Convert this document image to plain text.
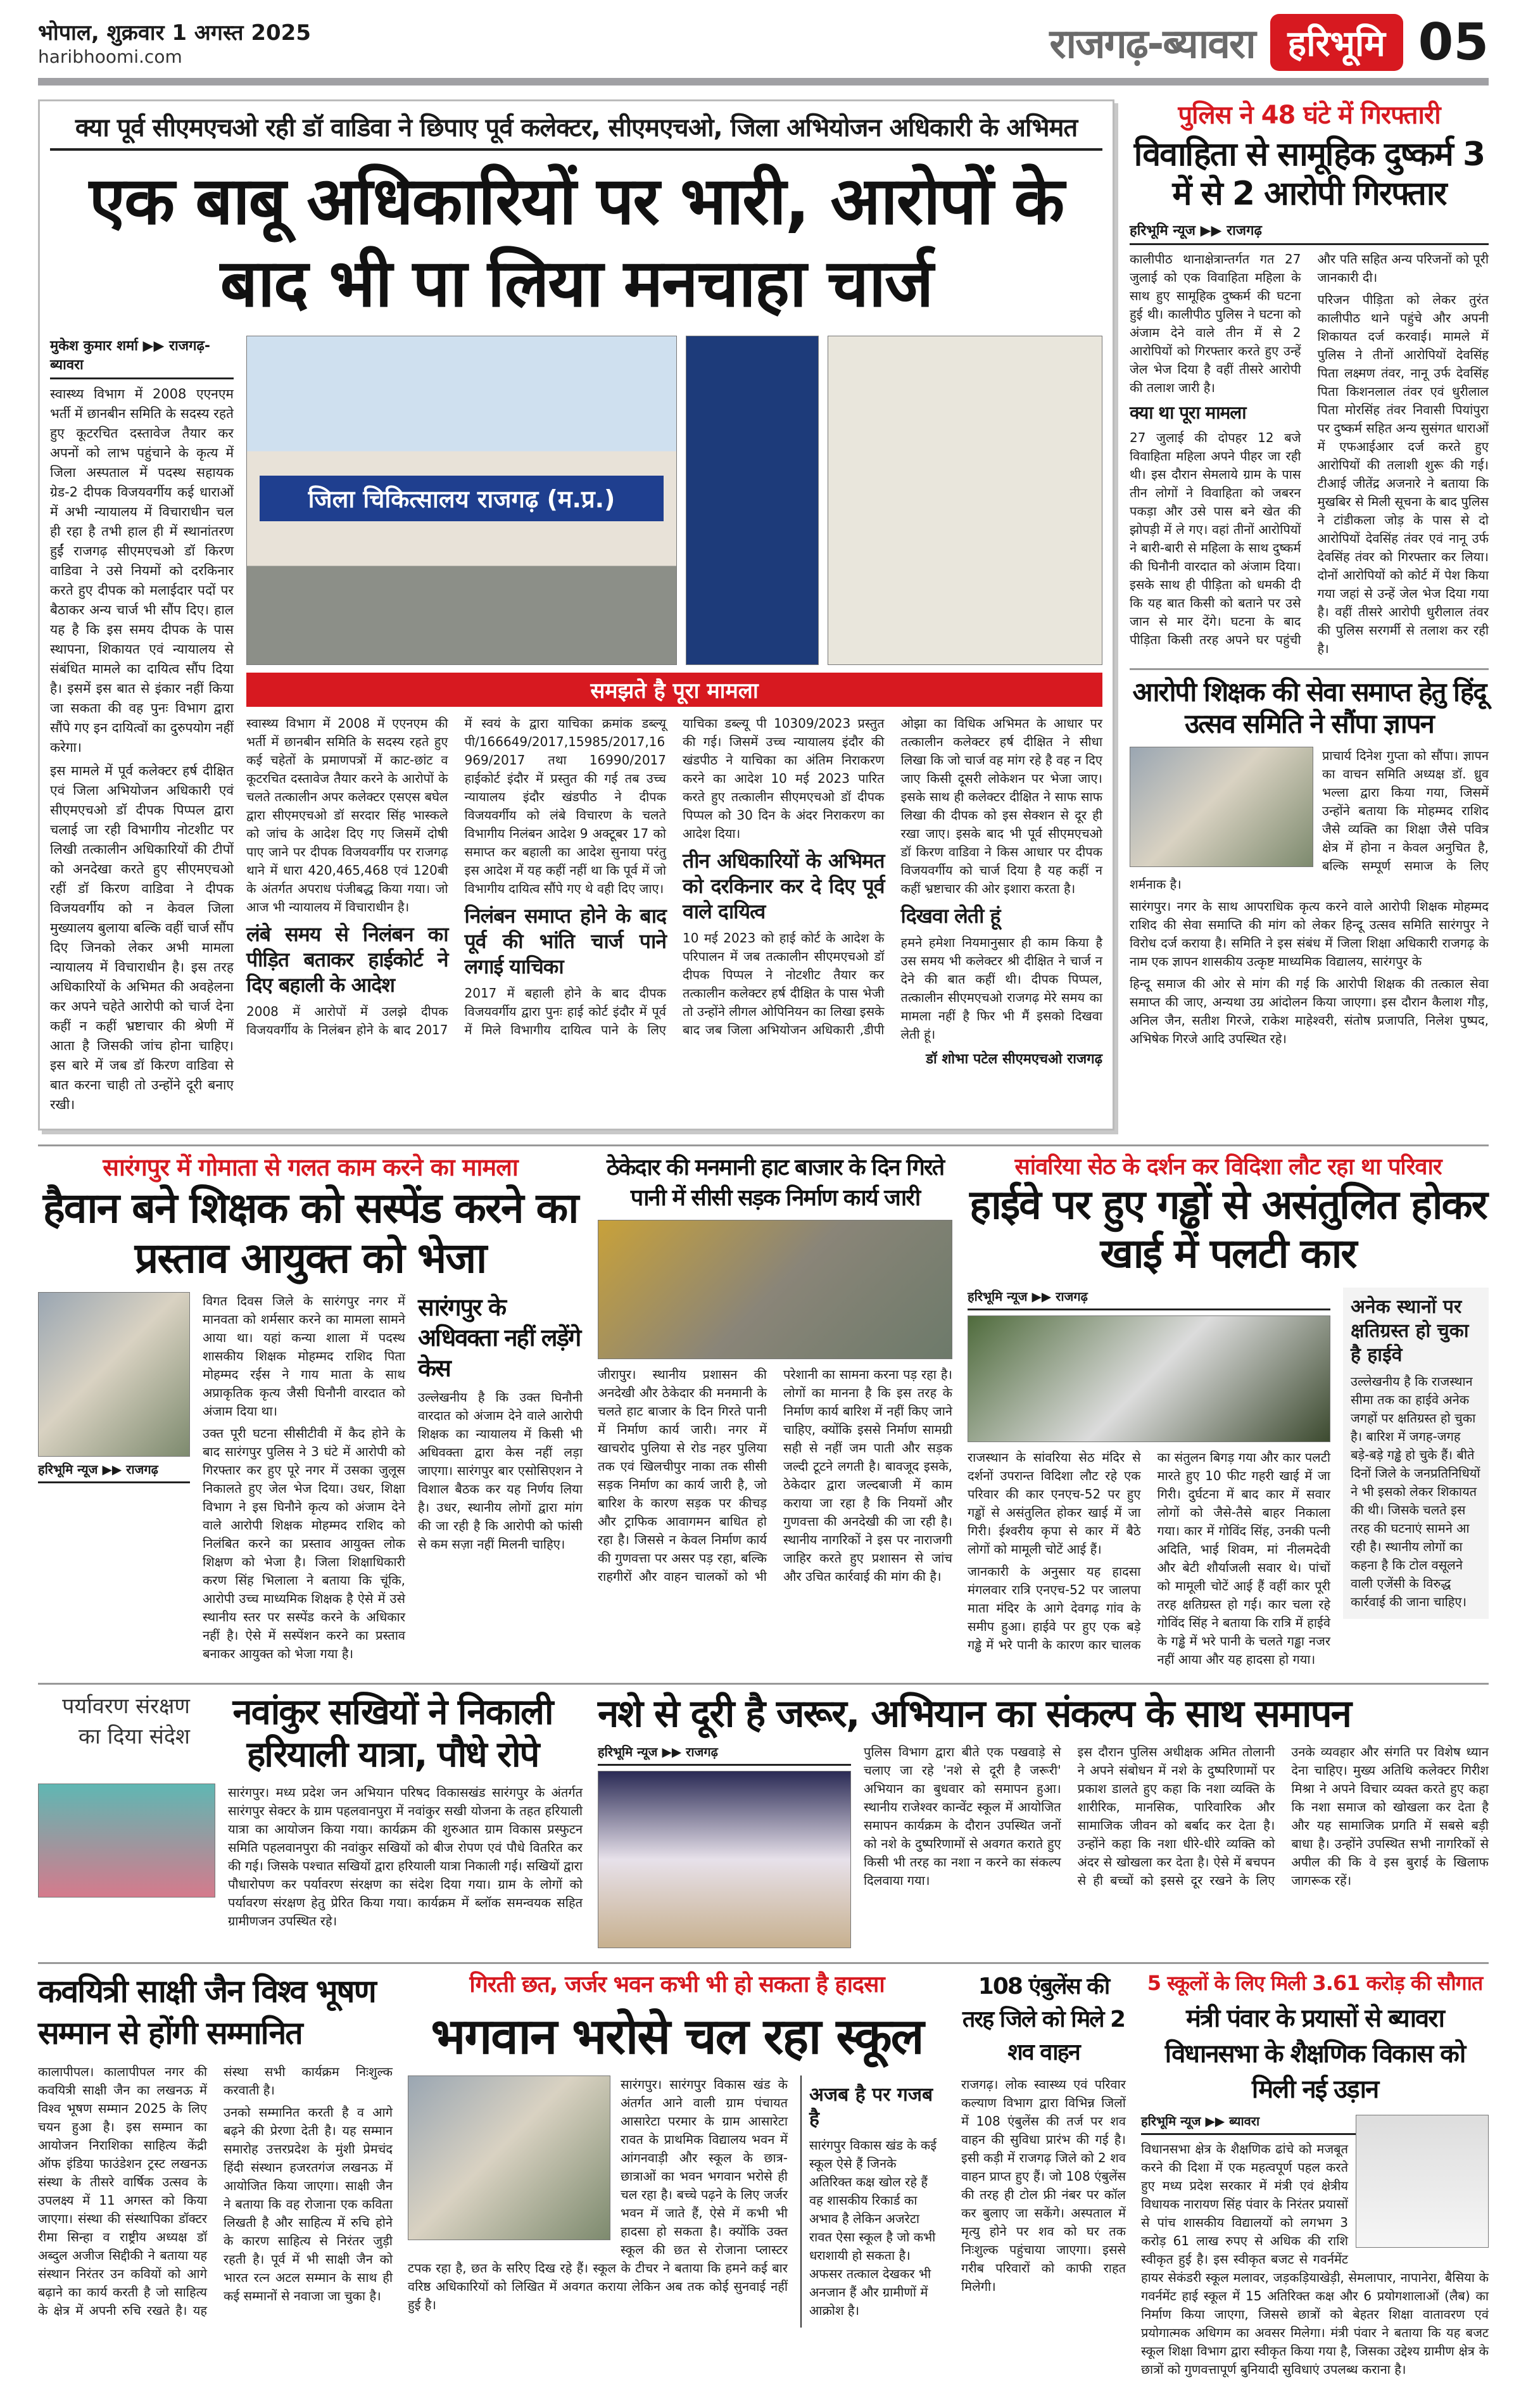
भोपाल, शुक्रवार 1 अगस्त 2025
haribhoomi.com	राजगढ़-ब्यावरा हरिभूमि 05
क्या पूर्व सीएमएचओ रही डॉ वाडिवा ने छिपाए पूर्व कलेक्टर, सीएमएचओ, जिला अभियोजन अधिकारी के अभिमत
एक बाबू अधिकारियों पर भारी, आरोपों के बाद भी पा लिया मनचाहा चार्ज
मुकेश कुमार शर्मा ▶▶ राजगढ़-ब्यावरा

स्वास्थ्य विभाग में 2008 एएनएम भर्ती में छानबीन समिति के सदस्य रहते हुए कूटरचित दस्तावेज तैयार कर अपनों को लाभ पहुंचाने के कृत्य में जिला अस्पताल में पदस्थ सहायक ग्रेड-2 दीपक विजयवर्गीय कई धाराओं में अभी न्यायालय में विचाराधीन चल ही रहा है तभी हाल ही में स्थानांतरण हुईं राजगढ़ सीएमएचओ डॉ किरण वाडिवा ने उसे नियमों को दरकिनार करते हुए दीपक को मलाईदार पदों पर बैठाकर अन्य चार्ज भी सौंप दिए। हाल यह है कि इस समय दीपक के पास स्थापना, शिकायत एवं न्यायालय से संबंधित मामले का दायित्व सौंप दिया है। इसमें इस बात से इंकार नहीं किया जा सकता की वह पुनः विभाग द्वारा सौंपे गए इन दायित्वों का दुरुपयोग नहीं करेगा।

इस मामले में पूर्व कलेक्टर हर्ष दीक्षित एवं जिला अभियोजन अधिकारी एवं सीएमएचओ डॉ दीपक पिप्पल द्वारा चलाई जा रही विभागीय नोटशीट पर लिखी तत्कालीन अधिकारियों की टीपों को अनदेखा करते हुए सीएमएचओ रहीं डॉ किरण वाडिवा ने दीपक विजयवर्गीय को न केवल जिला मुख्यालय बुलाया बल्कि वहीं चार्ज सौंप दिए जिनको लेकर अभी मामला न्यायालय में विचाराधीन है। इस तरह अधिकारियों के अभिमत की अवहेलना कर अपने चहेते आरोपी को चार्ज देना कहीं न कहीं भ्रष्टाचार की श्रेणी में आता है जिसकी जांच होना चाहिए। इस बारे में जब डॉ किरण वाडिवा से बात करना चाही तो उन्होंने दूरी बनाए रखी।

जिला चिकित्सालय राजगढ़ (म.प्र.)
समझते है पूरा मामला

स्वास्थ्य विभाग में 2008 में एएनएम की भर्ती में छानबीन समिति के सदस्य रहते हुए कई चहेतों के प्रमाणपत्रों में काट-छांट व कूटरचित दस्तावेज तैयार करने के आरोपों के चलते तत्कालीन अपर कलेक्टर एसएस बघेल द्वारा सीएमएचओ डॉ सरदार सिंह भास्कले को जांच के आदेश दिए गए जिसमें दोषी पाए जाने पर दीपक विजयवर्गीय पर राजगढ़ थाने में धारा 420,465,468 एवं 120बी के अंतर्गत अपराध पंजीबद्ध किया गया। जो आज भी न्यायालय में विचाराधीन है।

लंबे समय से निलंबन का पीड़ित बताकर हाईकोर्ट ने दिए बहाली के आदेश

2008 में आरोपों में उलझे दीपक विजयवर्गीय के निलंबन होने के बाद 2017 में स्वयं के द्वारा याचिका क्रमांक डब्ल्यू पी/166649/2017,15985/2017,16969/2017 तथा 16990/2017 हाईकोर्ट इंदौर में प्रस्तुत की गई तब उच्च न्यायालय इंदौर खंडपीठ ने दीपक विजयवर्गीय को लंबे विचारण के चलते विभागीय निलंबन आदेश 9 अक्टूबर 17 को समाप्त कर बहाली का आदेश सुनाया परंतु इस आदेश में यह कहीं नहीं था कि पूर्व में जो विभागीय दायित्व सौंपे गए थे वही दिए जाए।

निलंबन समाप्त होने के बाद पूर्व की भांति चार्ज पाने लगाई याचिका

2017 में बहाली होने के बाद दीपक विजयवर्गीय द्वारा पुनः हाई कोर्ट इंदौर में पूर्व में मिले विभागीय दायित्व पाने के लिए याचिका डब्ल्यू पी 10309/2023 प्रस्तुत की गई। जिसमें उच्च न्यायालय इंदौर की खंडपीठ ने याचिका का अंतिम निराकरण करने का आदेश 10 मई 2023 पारित करते हुए तत्कालीन सीएमएचओ डॉ दीपक पिप्पल को 30 दिन के अंदर निराकरण का आदेश दिया।

तीन अधिकारियों के अभिमत को दरकिनार कर दे दिए पूर्व वाले दायित्व

10 मई 2023 को हाई कोर्ट के आदेश के परिपालन में जब तत्कालीन सीएमएचओ डॉ दीपक पिप्पल ने नोटशीट तैयार कर तत्कालीन कलेक्टर हर्ष दीक्षित के पास भेजी तो उन्होंने लीगल ओपिनियन का लिखा इसके बाद जब जिला अभियोजन अधिकारी ,डीपी ओझा का विधिक अभिमत के आधार पर तत्कालीन कलेक्टर हर्ष दीक्षित ने सीधा लिखा कि जो चार्ज वह मांग रहे है वह न दिए जाए किसी दूसरी लोकेशन पर भेजा जाए। इसके साथ ही कलेक्टर दीक्षित ने साफ साफ लिखा की दीपक को इस सेक्शन से दूर ही रखा जाए। इसके बाद भी पूर्व सीएमएचओ डॉ किरण वाडिवा ने किस आधार पर दीपक विजयवर्गीय को चार्ज दिया है यह कहीं न कहीं भ्रष्टाचार की ओर इशारा करता है।

दिखवा लेती हूं

हमने हमेशा नियमानुसार ही काम किया है उस समय भी कलेक्टर श्री दीक्षित ने चार्ज न देने की बात कहीं थी। दीपक पिप्पल, तत्कालीन सीएमएचओ राजगढ़ मेरे समय का मामला नहीं है फिर भी मैं इसको दिखवा लेती हूं।

डॉ शोभा पटेल सीएमएचओ राजगढ़
पुलिस ने 48 घंटे में गिरफ्तारी
विवाहिता से सामूहिक दुष्कर्म 3 में से 2 आरोपी गिरफ्तार
हरिभूमि न्यूज ▶▶ राजगढ़

कालीपीठ थानाक्षेत्रान्तर्गत गत 27 जुलाई को एक विवाहिता महिला के साथ हुए सामूहिक दुष्कर्म की घटना हुई थी। कालीपीठ पुलिस ने घटना को अंजाम देने वाले तीन में से 2 आरोपियों को गिरफ्तार करते हुए उन्हें जेल भेज दिया है वहीं तीसरे आरोपी की तलाश जारी है।

क्या था पूरा मामला

27 जुलाई की दोपहर 12 बजे विवाहिता महिला अपने पीहर जा रही थी। इस दौरान सेमलाये ग्राम के पास तीन लोगों ने विवाहिता को जबरन पकड़ा और उसे पास बने खेत की झोपड़ी में ले गए। वहां तीनों आरोपियों ने बारी-बारी से महिला के साथ दुष्कर्म की घिनौनी वारदात को अंजाम दिया। इसके साथ ही पीड़िता को धमकी दी कि यह बात किसी को बताने पर उसे जान से मार देंगे। घटना के बाद पीड़िता किसी तरह अपने घर पहुंची और पति सहित अन्य परिजनों को पूरी जानकारी दी।

परिजन पीड़िता को लेकर तुरंत कालीपीठ थाने पहुंचे और अपनी शिकायत दर्ज करवाई। मामले में पुलिस ने तीनों आरोपियों देवसिंह पिता लक्ष्मण तंवर, नानू उर्फ देवसिंह पिता किशनलाल तंवर एवं धुरीलाल पिता मोरसिंह तंवर निवासी पियांपुरा पर दुष्कर्म सहित अन्य सुसंगत धाराओं में एफआईआर दर्ज करते हुए आरोपियों की तलाशी शुरू की गई। टीआई जीतेंद्र अजनारे ने बताया कि मुखबिर से मिली सूचना के बाद पुलिस ने टांडीकला जोड़ के पास से दो आरोपियों देवसिंह तंवर एवं नानू उर्फ देवसिंह तंवर को गिरफ्तार कर लिया। दोनों आरोपियों को कोर्ट में पेश किया गया जहां से उन्हें जेल भेज दिया गया है। वहीं तीसरे आरोपी धुरीलाल तंवर की पुलिस सरगर्मी से तलाश कर रही है।

आरोपी शिक्षक की सेवा समाप्त हेतु हिंदू उत्सव समिति ने सौंपा ज्ञापन

प्राचार्य दिनेश गुप्ता को सौंपा। ज्ञापन का वाचन समिति अध्यक्ष डॉ. ध्रुव भल्ला द्वारा किया गया, जिसमें उन्होंने बताया कि मोहम्मद राशिद जैसे व्यक्ति का शिक्षा जैसे पवित्र क्षेत्र में होना न केवल अनुचित है, बल्कि सम्पूर्ण समाज के लिए शर्मनाक है।

सारंगपुर। नगर के साथ आपराधिक कृत्य करने वाले आरोपी शिक्षक मोहम्मद राशिद की सेवा समाप्ति की मांग को लेकर हिन्दू उत्सव समिति सारंगपुर ने विरोध दर्ज कराया है। समिति ने इस संबंध में जिला शिक्षा अधिकारी राजगढ़ के नाम एक ज्ञापन शासकीय उत्कृष्ट माध्यमिक विद्यालय, सारंगपुर के

हिन्दू समाज की ओर से मांग की गई कि आरोपी शिक्षक की तत्काल सेवा समाप्त की जाए, अन्यथा उग्र आंदोलन किया जाएगा। इस दौरान कैलाश गौड़, अनिल जैन, सतीश गिरजे, राकेश माहेश्वरी, संतोष प्रजापति, निलेश पुष्पद, अभिषेक गिरजे आदि उपस्थित रहे।

सारंगपुर में गोमाता से गलत काम करने का मामला
हैवान बने शिक्षक को सस्पेंड करने का प्रस्ताव आयुक्त को भेजा
हरिभूमि न्यूज ▶▶ राजगढ़

विगत दिवस जिले के सारंगपुर नगर में मानवता को शर्मसार करने का मामला सामने आया था। यहां कन्या शाला में पदस्थ शासकीय शिक्षक मोहम्मद राशिद पिता मोहम्मद रईस ने गाय माता के साथ अप्राकृतिक कृत्य जैसी घिनौनी वारदात को अंजाम दिया था।

उक्त पूरी घटना सीसीटीवी में कैद होने के बाद सारंगपुर पुलिस ने 3 घंटे में आरोपी को गिरफ्तार कर हुए पूरे नगर में उसका जुलूस निकालते हुए जेल भेज दिया। उधर, शिक्षा विभाग ने इस घिनौने कृत्य को अंजाम देने वाले आरोपी शिक्षक मोहम्मद राशिद को निलंबित करने का प्रस्ताव आयुक्त लोक शिक्षण को भेजा है। जिला शिक्षाधिकारी करण सिंह भिलाला ने बताया कि चूंकि, आरोपी उच्च माध्यमिक शिक्षक है ऐसे में उसे स्थानीय स्तर पर सस्पेंड करने के अधिकार नहीं है। ऐसे में सस्पेंशन करने का प्रस्ताव बनाकर आयुक्त को भेजा गया है।

सारंगपुर के अधिवक्ता नहीं लड़ेंगे केस
उल्लेखनीय है कि उक्त घिनौनी वारदात को अंजाम देने वाले आरोपी शिक्षक का न्यायालय में किसी भी अधिवक्ता द्वारा केस नहीं लड़ा जाएगा। सारंगपुर बार एसोसिएशन ने विशाल बैठक कर यह निर्णय लिया है। उधर, स्थानीय लोगों द्वारा मांग की जा रही है कि आरोपी को फांसी से कम सज़ा नहीं मिलनी चाहिए।
ठेकेदार की मनमानी हाट बाजार के दिन गिरते पानी में सीसी सड़क निर्माण कार्य जारी

जीरापुर। स्थानीय प्रशासन की अनदेखी और ठेकेदार की मनमानी के चलते हाट बाजार के दिन गिरते पानी में निर्माण कार्य जारी। नगर में खाचरोद पुलिया से रोड नहर पुलिया तक एवं खिलचीपुर नाका तक सीसी सड़क निर्माण का कार्य जारी है, जो बारिश के कारण सड़क पर कीचड़ और ट्राफिक आवागमन बाधित हो रहा है। जिससे न केवल निर्माण कार्य की गुणवत्ता पर असर पड़ रहा, बल्कि राहगीरों और वाहन चालकों को भी परेशानी का सामना करना पड़ रहा है। लोगों का मानना है कि इस तरह के निर्माण कार्य बारिश में नहीं किए जाने चाहिए, क्योंकि इससे निर्माण सामग्री सही से नहीं जम पाती और सड़क जल्दी टूटने लगती है। बावजूद इसके, ठेकेदार द्वारा जल्दबाजी में काम कराया जा रहा है कि नियमों और गुणवत्ता की अनदेखी की जा रही है। स्थानीय नागरिकों ने इस पर नाराजगी जाहिर करते हुए प्रशासन से जांच और उचित कार्रवाई की मांग की है।

सांवरिया सेठ के दर्शन कर विदिशा लौट रहा था परिवार
हाईवे पर हुए गड्ढों से असंतुलित होकर खाई में पलटी कार
हरिभूमि न्यूज ▶▶ राजगढ़

राजस्थान के सांवरिया सेठ मंदिर से दर्शनों उपरान्त विदिशा लौट रहे एक परिवार की कार एनएच-52 पर हुए गड्ढों से असंतुलित होकर खाई में जा गिरी। ईश्वरीय कृपा से कार में बैठे लोगों को मामूली चोटें आई हैं।

जानकारी के अनुसार यह हादसा मंगलवार रात्रि एनएच-52 पर जालपा माता मंदिर के आगे देवगढ़ गांव के समीप हुआ। हाईवे पर हुए एक बड़े गड्ढे में भरे पानी के कारण कार चालक का संतुलन बिगड़ गया और कार पलटी मारते हुए 10 फीट गहरी खाई में जा गिरी। दुर्घटना में बाद कार में सवार लोगों को जैसे-तैसे बाहर निकाला गया। कार में गोविंद सिंह, उनकी पत्नी अदिति, भाई शिवम, मां नीलमदेवी और बेटी शौर्याजली सवार थे। पांचों को मामूली चोटें आई हैं वहीं कार पूरी तरह क्षतिग्रस्त हो गई। कार चला रहे गोविंद सिंह ने बताया कि रात्रि में हाईवे के गड्ढे में भरे पानी के चलते गड्ढा नजर नहीं आया और यह हादसा हो गया।

अनेक स्थानों पर क्षतिग्रस्त हो चुका है हाईवे
उल्लेखनीय है कि राजस्थान सीमा तक का हाईवे अनेक जगहों पर क्षतिग्रस्त हो चुका है। बारिश में जगह-जगह बड़े-बड़े गड्ढे हो चुके हैं। बीते दिनों जिले के जनप्रतिनिधियों ने भी इसको लेकर शिकायत की थी। जिसके चलते इस तरह की घटनाएं सामने आ रही है। स्थानीय लोगों का कहना है कि टोल वसूलने वाली एजेंसी के विरुद्ध कार्रवाई की जाना चाहिए।
पर्यावरण संरक्षण का दिया संदेश
नवांकुर सखियों ने निकाली हरियाली यात्रा, पौधे रोपे

सारंगपुर। मध्य प्रदेश जन अभियान परिषद विकासखंड सारंगपुर के अंतर्गत सारंगपुर सेक्टर के ग्राम पहलवानपुरा में नवांकुर सखी योजना के तहत हरियाली यात्रा का आयोजन किया गया। कार्यक्रम की शुरुआत ग्राम विकास प्रस्फुटन समिति पहलवानपुरा की नवांकुर सखियों को बीज रोपण एवं पौधे वितरित कर की गई। जिसके पश्चात सखियों द्वारा हरियाली यात्रा निकाली गई। सखियों द्वारा पौधारोपण कर पर्यावरण संरक्षण का संदेश दिया गया। ग्राम के लोगों को पर्यावरण संरक्षण हेतु प्रेरित किया गया। कार्यक्रम में ब्लॉक समन्वयक सहित ग्रामीणजन उपस्थित रहे।

नशे से दूरी है जरूर, अभियान का संकल्प के साथ समापन
हरिभूमि न्यूज ▶▶ राजगढ़	पुलिस विभाग द्वारा बीते एक पखवाड़े से चलाए जा रहे 'नशे से दूरी है जरूरी' अभियान का बुधवार को समापन हुआ। स्थानीय राजेश्वर कान्वेंट स्कूल में आयोजित समापन कार्यक्रम के दौरान उपस्थित जनों को नशे के दुष्परिणामों से अवगत कराते हुए किसी भी तरह का नशा न करने का संकल्प दिलवाया गया।

इस दौरान पुलिस अधीक्षक अमित तोलानी ने अपने संबोधन में नशे के दुष्परिणामों पर प्रकाश डालते हुए कहा कि नशा व्यक्ति के शारीरिक, मानसिक, पारिवारिक और सामाजिक जीवन को बर्बाद कर देता है। उन्होंने कहा कि नशा धीरे-धीरे व्यक्ति को अंदर से खोखला कर देता है। ऐसे में बचपन से ही बच्चों को इससे दूर रखने के लिए उनके व्यवहार और संगति पर विशेष ध्यान देना चाहिए। मुख्य अतिथि कलेक्टर गिरीश मिश्रा ने अपने विचार व्यक्त करते हुए कहा कि नशा समाज को खोखला कर देता है और यह सामाजिक प्रगति में सबसे बड़ी बाधा है। उन्होंने उपस्थित सभी नागरिकों से अपील की कि वे इस बुराई के खिलाफ जागरूक रहें।

कवयित्री साक्षी जैन विश्व भूषण सम्मान से होंगी सम्मानित

कालापीपल। कालापीपल नगर की कवयित्री साक्षी जैन का लखनऊ में विश्व भूषण सम्मान 2025 के लिए चयन हुआ है। इस सम्मान का आयोजन निराशिका साहित्य केंद्री ऑफ इंडिया फाउंडेशन ट्रस्ट लखनऊ संस्था के तीसरे वार्षिक उत्सव के उपलक्ष्य में 11 अगस्त को किया जाएगा। संस्था की संस्थापिका डॉक्टर रीमा सिन्हा व राष्ट्रीय अध्यक्ष डॉ अब्दुल अजीज सिद्दीकी ने बताया यह संस्थान निरंतर उन कवियों को आगे बढ़ाने का कार्य करती है जो साहित्य के क्षेत्र में अपनी रुचि रखते है। यह संस्था सभी कार्यक्रम निःशुल्क करवाती है।

उनको सम्मानित करती है व आगे बढ़ने की प्रेरणा देती है। यह सम्मान समारोह उत्तरप्रदेश के मुंशी प्रेमचंद हिंदी संस्थान हजरतगंज लखनऊ में आयोजित किया जाएगा। साक्षी जैन ने बताया कि वह रोजाना एक कविता लिखती है और साहित्य में रुचि होने के कारण साहित्य से निरंतर जुड़ी रहती है। पूर्व में भी साक्षी जैन को भारत रत्न अटल सम्मान के साथ ही कई सम्मानों से नवाजा जा चुका है।

गिरती छत, जर्जर भवन कभी भी हो सकता है हादसा
भगवान भरोसे चल रहा स्कूल

सारंगपुर। सारंगपुर विकास खंड के अंतर्गत आने वाली ग्राम पंचायत आसारेटा परमार के ग्राम आसारेटा रावत के प्राथमिक विद्यालय भवन में आंगनवाड़ी और स्कूल के छात्र-छात्राओं का भवन भगवान भरोसे ही चल रहा है। बच्चे पढ़ने के लिए जर्जर भवन में जाते हैं, ऐसे में कभी भी हादसा हो सकता है। क्योंकि उक्त स्कूल की छत से रोजाना प्लास्टर टपक रहा है, छत के सरिए दिख रहे हैं। स्कूल के टीचर ने बताया कि हमने कई बार वरिष्ठ अधिकारियों को लिखित में अवगत कराया लेकिन अब तक कोई सुनवाई नहीं हुई है।

अजब है पर गजब है
सारंगपुर विकास खंड के कई स्कूल ऐसे हैं जिनके अतिरिक्त कक्ष खोल रहे हैं वह शासकीय रिकार्ड का अभाव है लेकिन अजरेटा रावत ऐसा स्कूल है जो कभी धराशायी हो सकता है। अफसर तत्काल देखकर भी अनजान हैं और ग्रामीणों में आक्रोश है।
108 एंबुलेंस की तरह जिले को मिले 2 शव वाहन

राजगढ़। लोक स्वास्थ्य एवं परिवार कल्याण विभाग द्वारा विभिन्न जिलों में 108 एंबुलेंस की तर्ज पर शव वाहन की सुविधा प्रारंभ की गई है। इसी कड़ी में राजगढ़ जिले को 2 शव वाहन प्राप्त हुए हैं। जो 108 एंबुलेंस की तरह ही टोल फ्री नंबर पर कॉल कर बुलाए जा सकेंगे। अस्पताल में मृत्यु होने पर शव को घर तक निःशुल्क पहुंचाया जाएगा। इससे गरीब परिवारों को काफी राहत मिलेगी।

5 स्कूलों के लिए मिली 3.61 करोड़ की सौगात
मंत्री पंवार के प्रयासों से ब्यावरा विधानसभा के शैक्षणिक विकास को मिली नई उड़ान
हरिभूमि न्यूज ▶▶ ब्यावरा

विधानसभा क्षेत्र के शैक्षणिक ढांचे को मजबूत करने की दिशा में एक महत्वपूर्ण पहल करते हुए मध्य प्रदेश सरकार में मंत्री एवं क्षेत्रीय विधायक नारायण सिंह पंवार के निरंतर प्रयासों से पांच शासकीय विद्यालयों को लगभग 3 करोड़ 61 लाख रुपए से अधिक की राशि स्वीकृत हुई है। इस स्वीकृत बजट से गवर्नमेंट हायर सेकंडरी स्कूल मलावर, जड़कड़ियाखेड़ी, सेमलापार, नापानेरा, बैसिया के गवर्नमेंट हाई स्कूल में 15 अतिरिक्त कक्ष और 6 प्रयोगशालाओं (लैब) का निर्माण किया जाएगा, जिससे छात्रों को बेहतर शिक्षा वातावरण एवं प्रयोगात्मक अधिगम का अवसर मिलेगा। मंत्री पंवार ने बताया कि यह बजट स्कूल शिक्षा विभाग द्वारा स्वीकृत किया गया है, जिसका उद्देश्य ग्रामीण क्षेत्र के छात्रों को गुणवत्तापूर्ण बुनियादी सुविधाएं उपलब्ध कराना है।
